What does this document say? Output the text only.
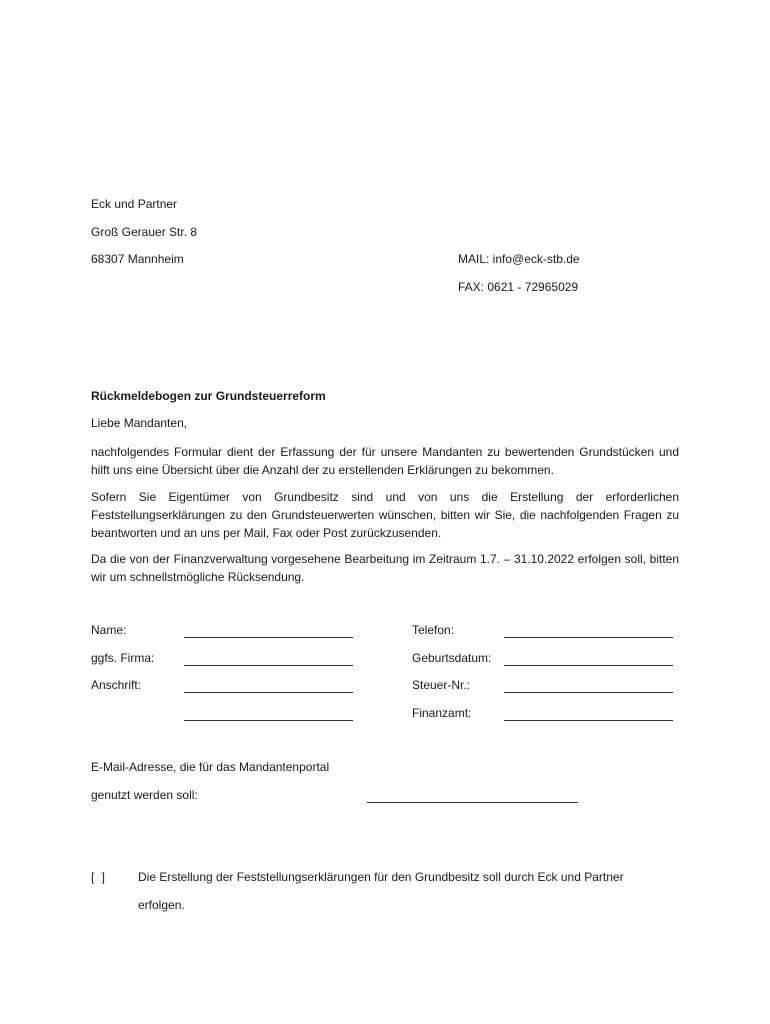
Eck und Partner
Groß Gerauer Str. 8
68307 Mannheim	MAIL: info@eck-stb.de
FAX: 0621 - 72965029
Rückmeldebogen zur Grundsteuerreform
Liebe Mandanten,
nachfolgendes Formular dient der Erfassung der für unsere Mandanten zu bewertenden Grundstücken und hilft uns eine Übersicht über die Anzahl der zu erstellenden Erklärungen zu bekommen.
Sofern Sie Eigentümer von Grundbesitz sind und von uns die Erstellung der erforderlichen Feststellungserklärungen zu den Grundsteuerwerten wünschen, bitten wir Sie, die nachfolgenden Fragen zu beantworten und an uns per Mail, Fax oder Post zurückzusenden.
Da die von der Finanzverwaltung vorgesehene Bearbeitung im Zeitraum 1.7. – 31.10.2022 erfolgen soll, bitten wir um schnellstmögliche Rücksendung.
Name:
ggfs. Firma:
Anschrift:
Telefon:
Geburtsdatum:
Steuer-Nr.:
Finanzamt:
E-Mail-Adresse, die für das Mandantenportal
genutzt werden soll:
[ ]	Die Erstellung der Feststellungserklärungen für den Grundbesitz soll durch Eck und Partner
erfolgen.
